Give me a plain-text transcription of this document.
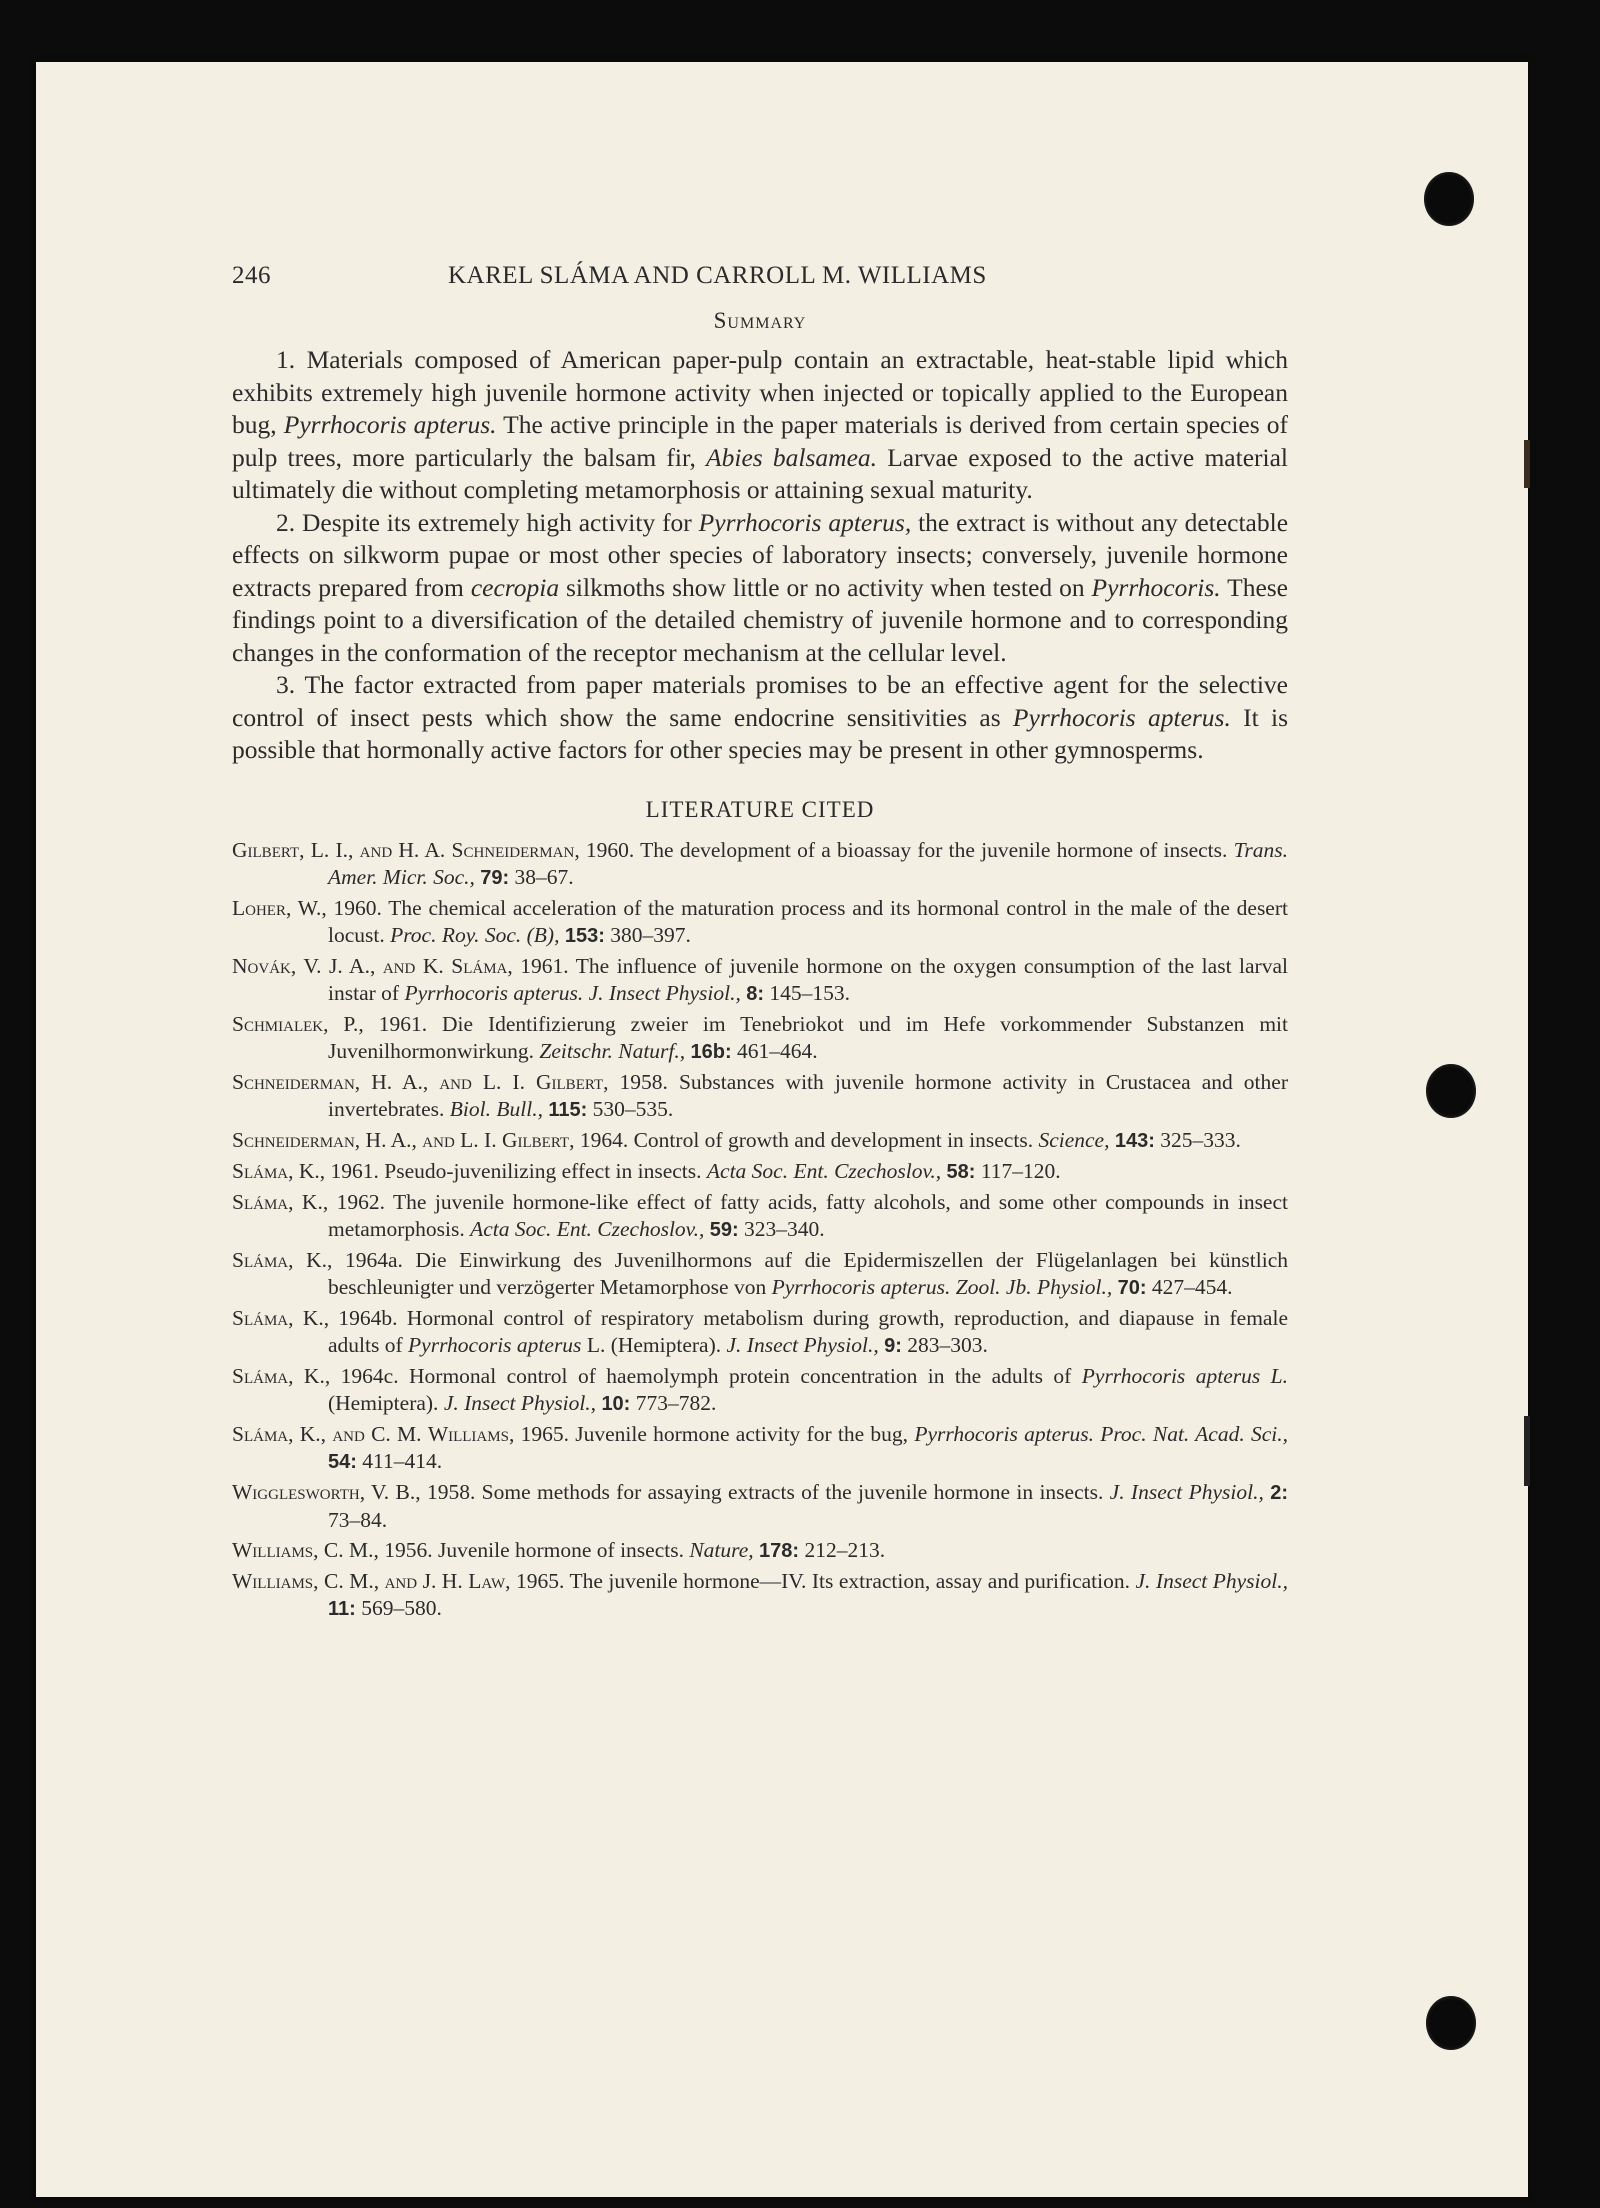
246	KAREL SLÁMA AND CARROLL M. WILLIAMS
Summary

1. Materials composed of American paper-pulp contain an extractable, heat-stable lipid which exhibits extremely high juvenile hormone activity when injected or topically applied to the European bug, Pyrrhocoris apterus. The active principle in the paper materials is derived from certain species of pulp trees, more particularly the balsam fir, Abies balsamea. Larvae exposed to the active material ultimately die without completing metamorphosis or attaining sexual maturity.

2. Despite its extremely high activity for Pyrrhocoris apterus, the extract is without any detectable effects on silkworm pupae or most other species of laboratory insects; conversely, juvenile hormone extracts prepared from cecropia silkmoths show little or no activity when tested on Pyrrhocoris. These findings point to a diversification of the detailed chemistry of juvenile hormone and to corresponding changes in the conformation of the receptor mechanism at the cellular level.

3. The factor extracted from paper materials promises to be an effective agent for the selective control of insect pests which show the same endocrine sensitivities as Pyrrhocoris apterus. It is possible that hormonally active factors for other species may be present in other gymnosperms.

LITERATURE CITED
Gilbert, L. I., and H. A. Schneiderman, 1960. The development of a bioassay for the juvenile hormone of insects. Trans. Amer. Micr. Soc., 79: 38–67.
Loher, W., 1960. The chemical acceleration of the maturation process and its hormonal control in the male of the desert locust. Proc. Roy. Soc. (B), 153: 380–397.
Novák, V. J. A., and K. Sláma, 1961. The influence of juvenile hormone on the oxygen consumption of the last larval instar of Pyrrhocoris apterus. J. Insect Physiol., 8: 145–153.
Schmialek, P., 1961. Die Identifizierung zweier im Tenebriokot und im Hefe vorkommender Substanzen mit Juvenilhormonwirkung. Zeitschr. Naturf., 16b: 461–464.
Schneiderman, H. A., and L. I. Gilbert, 1958. Substances with juvenile hormone activity in Crustacea and other invertebrates. Biol. Bull., 115: 530–535.
Schneiderman, H. A., and L. I. Gilbert, 1964. Control of growth and development in insects. Science, 143: 325–333.
Sláma, K., 1961. Pseudo-juvenilizing effect in insects. Acta Soc. Ent. Czechoslov., 58: 117–120.
Sláma, K., 1962. The juvenile hormone-like effect of fatty acids, fatty alcohols, and some other compounds in insect metamorphosis. Acta Soc. Ent. Czechoslov., 59: 323–340.
Sláma, K., 1964a. Die Einwirkung des Juvenilhormons auf die Epidermiszellen der Flügelanlagen bei künstlich beschleunigter und verzögerter Metamorphose von Pyrrhocoris apterus. Zool. Jb. Physiol., 70: 427–454.
Sláma, K., 1964b. Hormonal control of respiratory metabolism during growth, reproduction, and diapause in female adults of Pyrrhocoris apterus L. (Hemiptera). J. Insect Physiol., 9: 283–303.
Sláma, K., 1964c. Hormonal control of haemolymph protein concentration in the adults of Pyrrhocoris apterus L. (Hemiptera). J. Insect Physiol., 10: 773–782.
Sláma, K., and C. M. Williams, 1965. Juvenile hormone activity for the bug, Pyrrhocoris apterus. Proc. Nat. Acad. Sci., 54: 411–414.
Wigglesworth, V. B., 1958. Some methods for assaying extracts of the juvenile hormone in insects. J. Insect Physiol., 2: 73–84.
Williams, C. M., 1956. Juvenile hormone of insects. Nature, 178: 212–213.
Williams, C. M., and J. H. Law, 1965. The juvenile hormone—IV. Its extraction, assay and purification. J. Insect Physiol., 11: 569–580.
